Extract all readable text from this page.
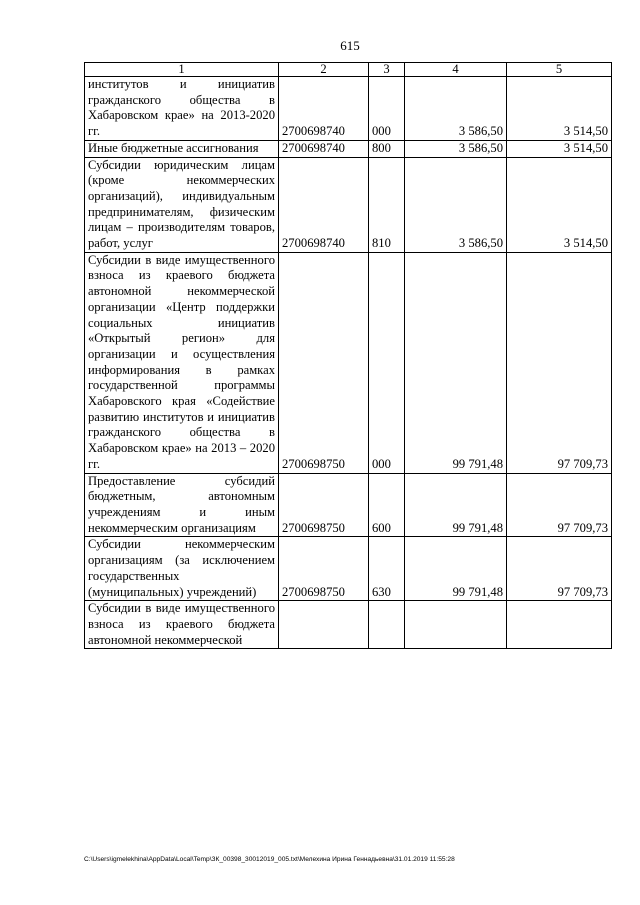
615
1	2	3	4	5
институтов и инициатив гражданского общества в Хабаровском крае» на 2013-2020 гг.	2700698740	000	3 586,50	3 514,50
Иные бюджетные ассигнования	2700698740	800	3 586,50	3 514,50
Субсидии юридическим лицам (кроме некоммерческих организаций), индивидуальным предпринимателям, физическим лицам – производителям товаров, работ, услуг	2700698740	810	3 586,50	3 514,50
Субсидии в виде имущественного взноса из краевого бюджета автономной некоммерческой организации «Центр поддержки социальных инициатив «Открытый регион» для организации и осуществления информирования в рамках государственной программы Хабаровского края «Содействие развитию институтов и инициатив гражданского общества в Хабаровском крае» на 2013 – 2020 гг.	2700698750	000	99 791,48	97 709,73
Предоставление субсидий бюджетным, автономным учреждениям и иным некоммерческим организациям	2700698750	600	99 791,48	97 709,73
Субсидии некоммерческим организациям (за исключением государственных (муниципальных) учреждений)	2700698750	630	99 791,48	97 709,73
Субсидии в виде имущественного взноса из краевого бюджета автономной некоммерческой				
C:\Users\igmelekhina\AppData\Local\Temp\ЗК_00398_30012019_005.txt\Мелехина Ирина Геннадьевна\31.01.2019 11:55:28
